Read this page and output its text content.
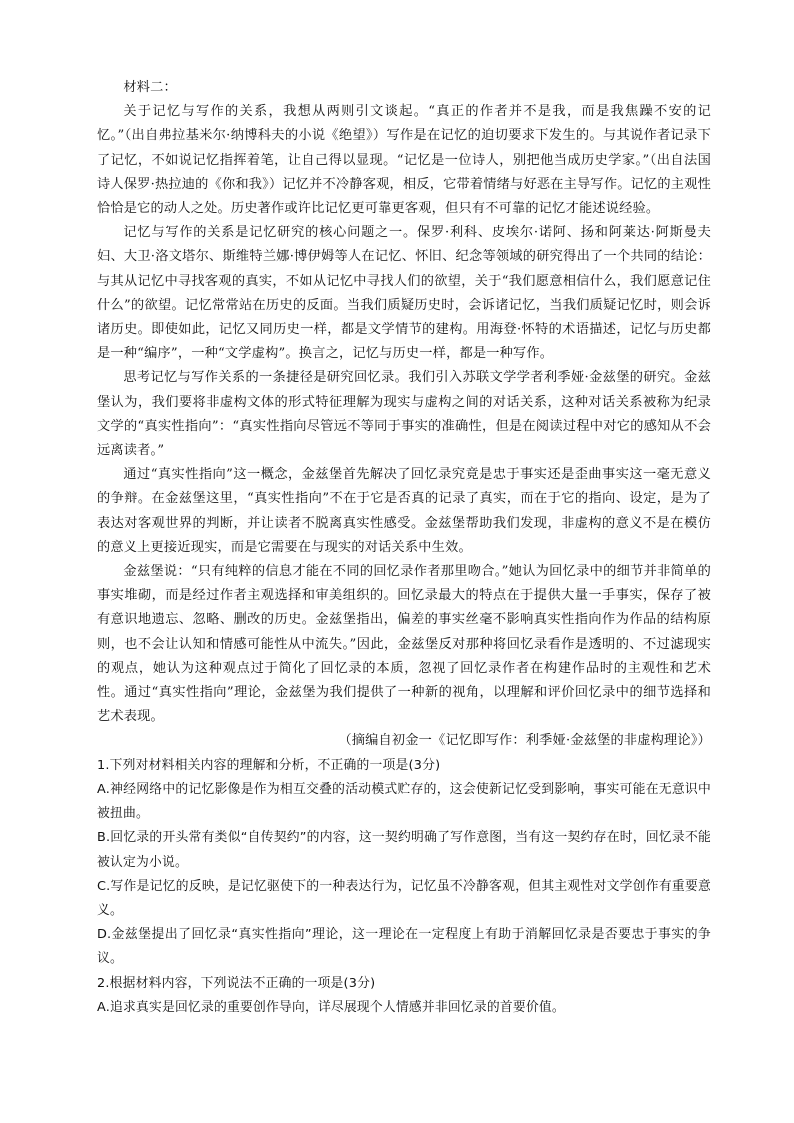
材料二：

关于记忆与写作的关系，我想从两则引文谈起。“真正的作者并不是我，而是我焦躁不安的记忆。”（出自弗拉基米尔·纳博科夫的小说《绝望》）写作是在记忆的迫切要求下发生的。与其说作者记录下了记忆，不如说记忆指挥着笔，让自己得以显现。“记忆是一位诗人，别把他当成历史学家。”（出自法国诗人保罗·热拉迪的《你和我》）记忆并不冷静客观，相反，它带着情绪与好恶在主导写作。记忆的主观性恰恰是它的动人之处。历史著作或许比记忆更可靠更客观，但只有不可靠的记忆才能述说经验。

记忆与写作的关系是记忆研究的核心问题之一。保罗·利科、皮埃尔·诺阿、扬和阿莱达·阿斯曼夫妇、大卫·洛文塔尔、斯维特兰娜·博伊姆等人在记忆、怀旧、纪念等领域的研究得出了一个共同的结论：与其从记忆中寻找客观的真实，不如从记忆中寻找人们的欲望，关于“我们愿意相信什么，我们愿意记住什么”的欲望。记忆常常站在历史的反面。当我们质疑历史时，会诉诸记忆，当我们质疑记忆时，则会诉诸历史。即使如此，记忆又同历史一样，都是文学情节的建构。用海登·怀特的术语描述，记忆与历史都是一种“编序”，一种“文学虚构”。换言之，记忆与历史一样，都是一种写作。

思考记忆与写作关系的一条捷径是研究回忆录。我们引入苏联文学学者利季娅·金兹堡的研究。金兹堡认为，我们要将非虚构文体的形式特征理解为现实与虚构之间的对话关系，这种对话关系被称为纪录文学的“真实性指向”：“真实性指向尽管远不等同于事实的准确性，但是在阅读过程中对它的感知从不会远离读者。”

通过“真实性指向”这一概念，金兹堡首先解决了回忆录究竟是忠于事实还是歪曲事实这一毫无意义的争辩。在金兹堡这里，“真实性指向”不在于它是否真的记录了真实，而在于它的指向、设定，是为了表达对客观世界的判断，并让读者不脱离真实性感受。金兹堡帮助我们发现，非虚构的意义不是在模仿的意义上更接近现实，而是它需要在与现实的对话关系中生效。

金兹堡说：“只有纯粹的信息才能在不同的回忆录作者那里吻合。”她认为回忆录中的细节并非简单的事实堆砌，而是经过作者主观选择和审美组织的。回忆录最大的特点在于提供大量一手事实，保存了被有意识地遗忘、忽略、删改的历史。金兹堡指出，偏差的事实丝毫不影响真实性指向作为作品的结构原则，也不会让认知和情感可能性从中流失。”因此，金兹堡反对那种将回忆录看作是透明的、不过滤现实的观点，她认为这种观点过于简化了回忆录的本质，忽视了回忆录作者在构建作品时的主观性和艺术性。通过“真实性指向”理论，金兹堡为我们提供了一种新的视角，以理解和评价回忆录中的细节选择和艺术表现。

（摘编自初金一《记忆即写作：利季娅·金兹堡的非虚构理论》）

1.下列对材料相关内容的理解和分析，不正确的一项是(3分)

A.神经网络中的记忆影像是作为相互交叠的活动模式贮存的，这会使新记忆受到影响，事实可能在无意识中被扭曲。

B.回忆录的开头常有类似“自传契约”的内容，这一契约明确了写作意图，当有这一契约存在时，回忆录不能被认定为小说。

C.写作是记忆的反映，是记忆驱使下的一种表达行为，记忆虽不冷静客观，但其主观性对文学创作有重要意义。

D.金兹堡提出了回忆录“真实性指向”理论，这一理论在一定程度上有助于消解回忆录是否要忠于事实的争议。

2.根据材料内容，下列说法不正确的一项是(3分)

A.追求真实是回忆录的重要创作导向，详尽展现个人情感并非回忆录的首要价值。
